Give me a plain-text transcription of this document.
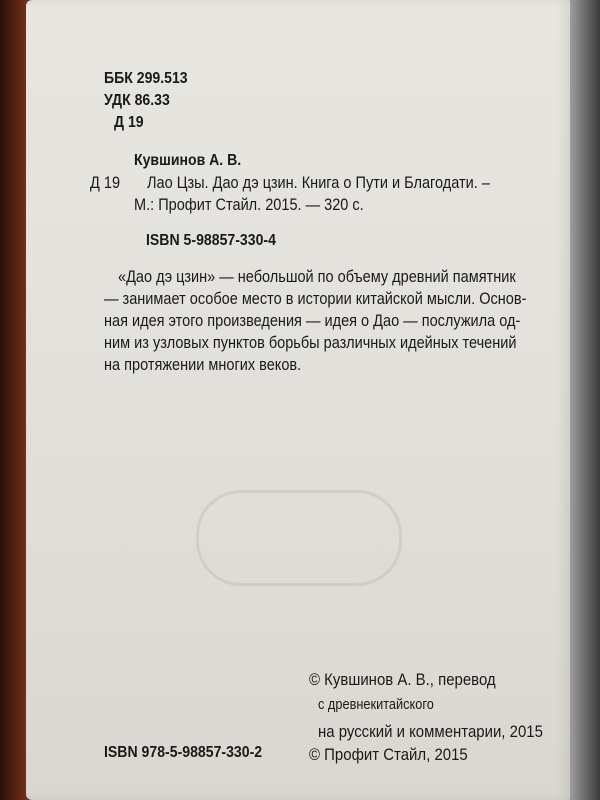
ББК 299.513
УДК 86.33
Д 19
Кувшинов А. В.
Д 19 Лао Цзы. Дао дэ цзин. Книга о Пути и Благодати. –
М.: Профит Стайл. 2015. — 320 с.
ISBN 5-98857-330-4
«Дао дэ цзин» — небольшой по объему древний памятник
— занимает особое место в истории китайской мысли. Основ-
ная идея этого произведения — идея о Дао — послужила од-
ним из узловых пунктов борьбы различных идейных течений
на протяжении многих веков.
© Кувшинов А. В., перевод
с древнекитайского
на русский и комментарии, 2015
© Профит Стайл, 2015
ISBN 978-5-98857-330-2
